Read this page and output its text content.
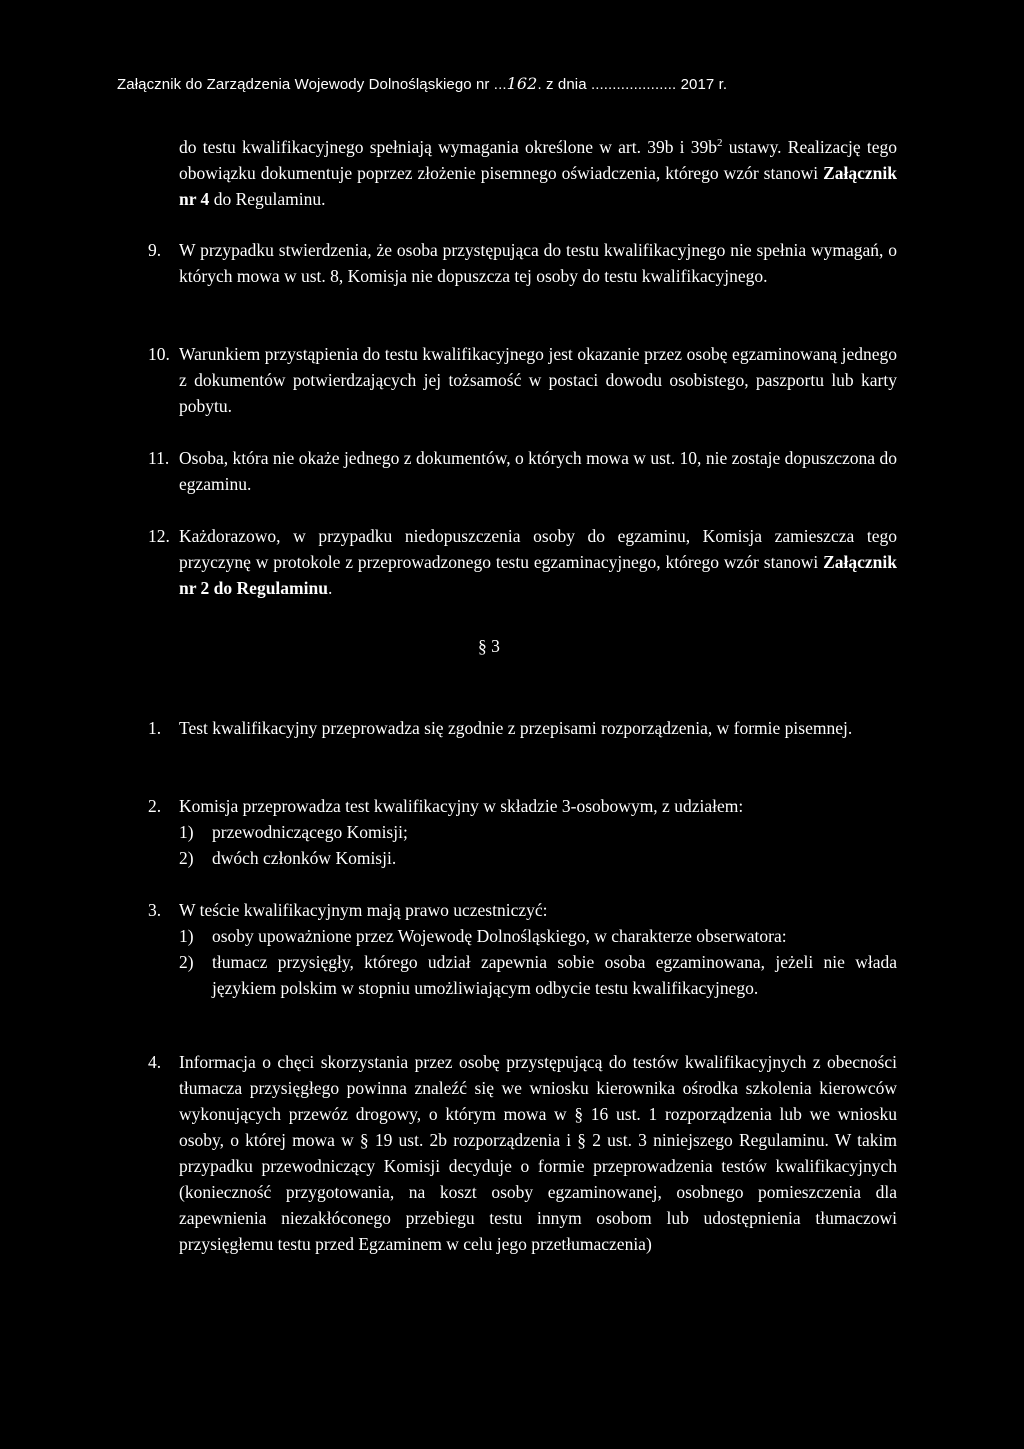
Załącznik do Zarządzenia Wojewody Dolnośląskiego nr ...162. z dnia .................... 2017 r.
do testu kwalifikacyjnego spełniają wymagania określone w art. 39b i $39b^2$ ustawy. Realizację tego obowiązku dokumentuje poprzez złożenie pisemnego oświadczenia, którego wzór stanowi Załącznik nr 4 do Regulaminu.
9. W przypadku stwierdzenia, że osoba przystępująca do testu kwalifikacyjnego nie spełnia wymagań, o których mowa w ust. 8, Komisja nie dopuszcza tej osoby do testu kwalifikacyjnego.
10. Warunkiem przystąpienia do testu kwalifikacyjnego jest okazanie przez osobę egzaminowaną jednego z dokumentów potwierdzających jej tożsamość w postaci dowodu osobistego, paszportu lub karty pobytu.
11. Osoba, która nie okaże jednego z dokumentów, o których mowa w ust. 10, nie zostaje dopuszczona do egzaminu.
12. Każdorazowo, w przypadku niedopuszczenia osoby do egzaminu, Komisja zamieszcza tego przyczynę w protokole z przeprowadzonego testu egzaminacyjnego, którego wzór stanowi Załącznik nr 2 do Regulaminu.
§ 3
1. Test kwalifikacyjny przeprowadza się zgodnie z przepisami rozporządzenia, w formie pisemnej.
2. Komisja przeprowadza test kwalifikacyjny w składzie 3-osobowym, z udziałem:
1) przewodniczącego Komisji;
2) dwóch członków Komisji.
3. W teście kwalifikacyjnym mają prawo uczestniczyć:
1) osoby upoważnione przez Wojewodę Dolnośląskiego, w charakterze obserwatora:
2) tłumacz przysięgły, którego udział zapewnia sobie osoba egzaminowana, jeżeli nie włada językiem polskim w stopniu umożliwiającym odbycie testu kwalifikacyjnego.
4. Informacja o chęci skorzystania przez osobę przystępującą do testów kwalifikacyjnych z obecności tłumacza przysięgłego powinna znaleźć się we wniosku kierownika ośrodka szkolenia kierowców wykonujących przewóz drogowy, o którym mowa w § 16 ust. 1 rozporządzenia lub we wniosku osoby, o której mowa w § 19 ust. 2b rozporządzenia i § 2 ust. 3 niniejszego Regulaminu. W takim przypadku przewodniczący Komisji decyduje o formie przeprowadzenia testów kwalifikacyjnych (konieczność przygotowania, na koszt osoby egzaminowanej, osobnego pomieszczenia dla zapewnienia niezakłóconego przebiegu testu innym osobom lub udostępnienia tłumaczowi przysięgłemu testu przed Egzaminem w celu jego przetłumaczenia)
